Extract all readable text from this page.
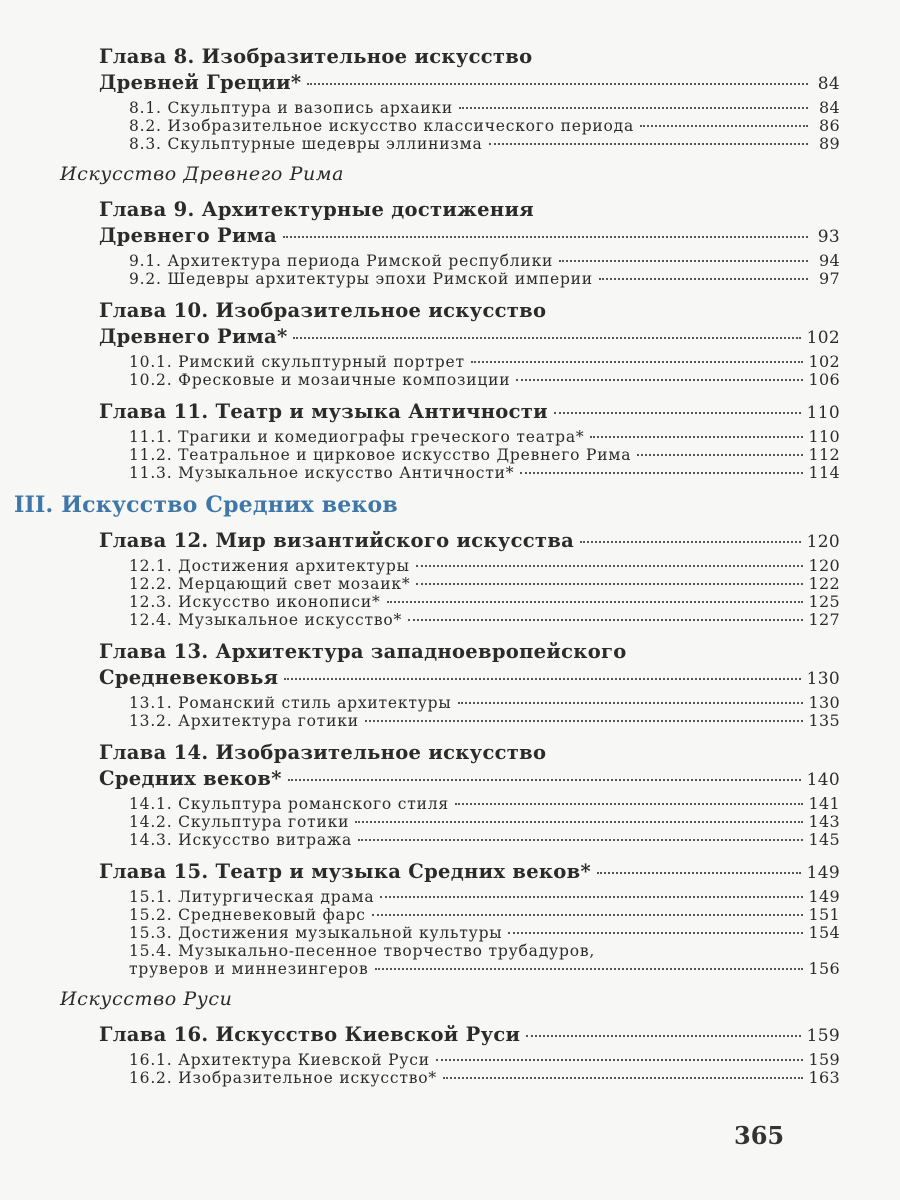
Глава 8. Изобразительное искусство
Древней Греции*	84
8.1. Скульптура и вазопись архаики	84
8.2. Изобразительное искусство классического периода	86
8.3. Скульптурные шедевры эллинизма	89
Искусство Древнего Рима
Глава 9. Архитектурные достижения
Древнего Рима	93
9.1. Архитектура периода Римской республики	94
9.2. Шедевры архитектуры эпохи Римской империи	97
Глава 10. Изобразительное искусство
Древнего Рима*	102
10.1. Римский скульптурный портрет	102
10.2. Фресковые и мозаичные композиции	106
Глава 11. Театр и музыка Античности	110
11.1. Трагики и комедиографы греческого театра*	110
11.2. Театральное и цирковое искусство Древнего Рима	112
11.3. Музыкальное искусство Античности*	114
III. Искусство Средних веков
Глава 12. Мир византийского искусства	120
12.1. Достижения архитектуры	120
12.2. Мерцающий свет мозаик*	122
12.3. Искусство иконописи*	125
12.4. Музыкальное искусство*	127
Глава 13. Архитектура западноевропейского
Средневековья	130
13.1. Романский стиль архитектуры	130
13.2. Архитектура готики	135
Глава 14. Изобразительное искусство
Средних веков*	140
14.1. Скульптура романского стиля	141
14.2. Скульптура готики	143
14.3. Искусство витража	145
Глава 15. Театр и музыка Средних веков*	149
15.1. Литургическая драма	149
15.2. Средневековый фарс	151
15.3. Достижения музыкальной культуры	154
15.4. Музыкально-песенное творчество трубадуров,
труверов и миннезингеров	156
Искусство Руси
Глава 16. Искусство Киевской Руси	159
16.1. Архитектура Киевской Руси	159
16.2. Изобразительное искусство*	163
365
